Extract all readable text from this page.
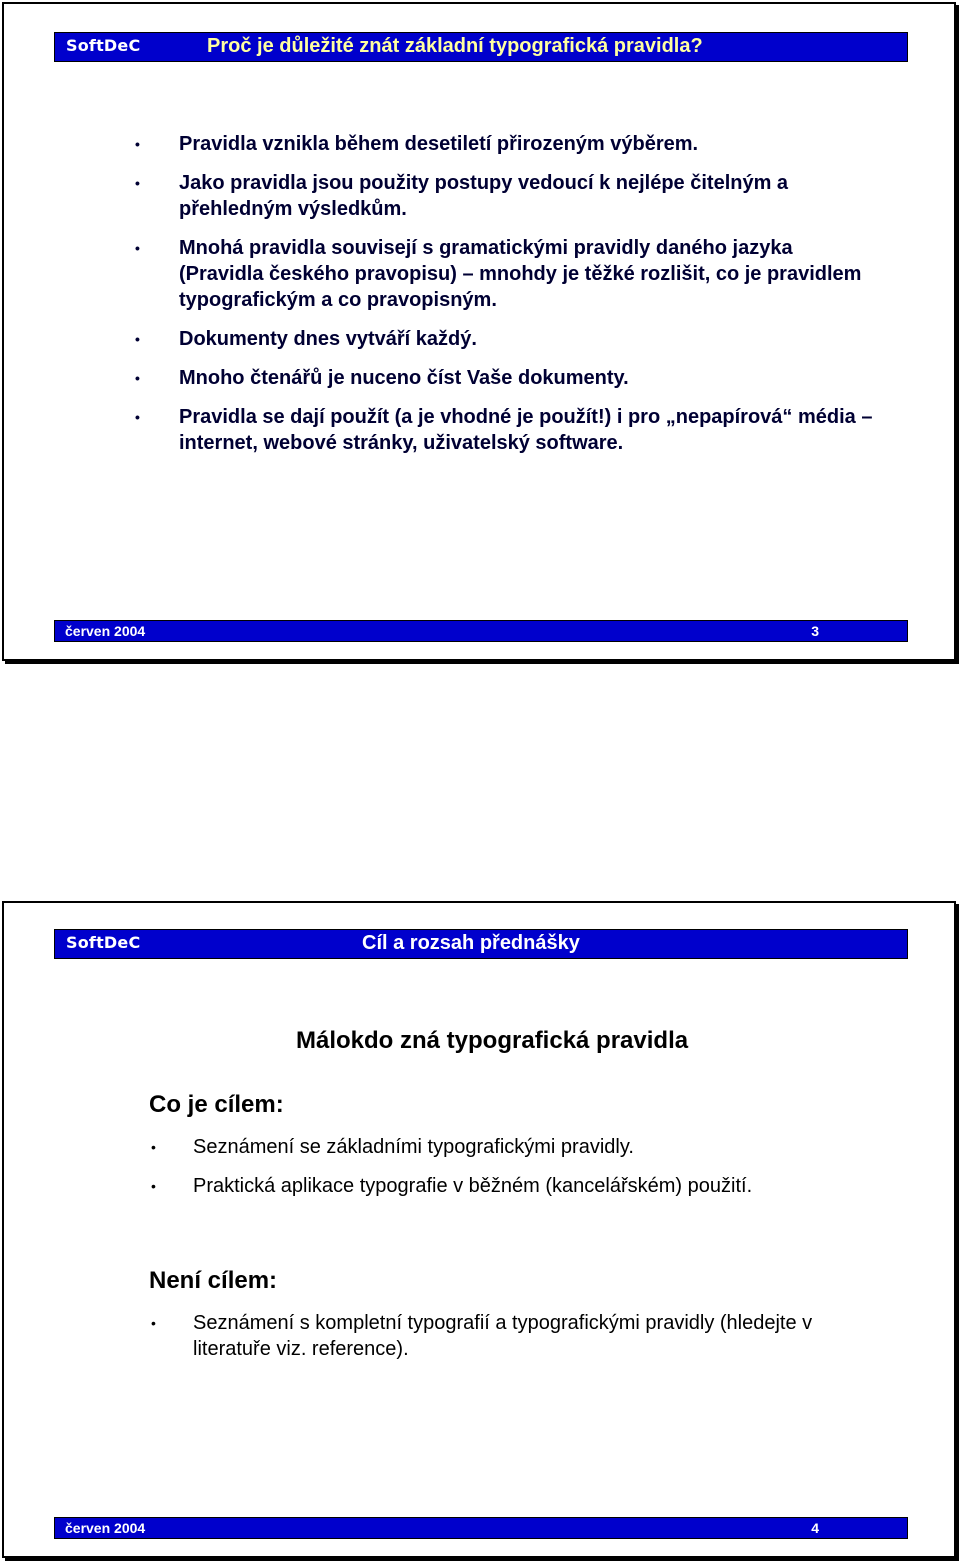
SoftDeC	Proč je důležité znát základní typografická pravidla?
• Pravidla vznikla během desetiletí přirozeným výběrem.
• Jako pravidla jsou použity postupy vedoucí k nejlépe čitelným a přehledným výsledkům.
• Mnohá pravidla souvisejí s gramatickými pravidly daného jazyka (Pravidla českého pravopisu) – mnohdy je těžké rozlišit, co je pravidlem typografickým a co pravopisným.
• Dokumenty dnes vytváří každý.
• Mnoho čtenářů je nuceno číst Vaše dokumenty.
• Pravidla se dají použít (a je vhodné je použít!) i pro „nepapírová“ média – internet, webové stránky, uživatelský software.
červen 2004	3
SoftDeC	Cíl a rozsah přednášky
červen 2004	4
Málokdo zná typografická pravidla
Co je cílem:
• Seznámení se základními typografickými pravidly.
• Praktická aplikace typografie v běžném (kancelářském) použití.
Není cílem:
• Seznámení s kompletní typografií a typografickými pravidly (hledejte v literatuře viz. reference).
